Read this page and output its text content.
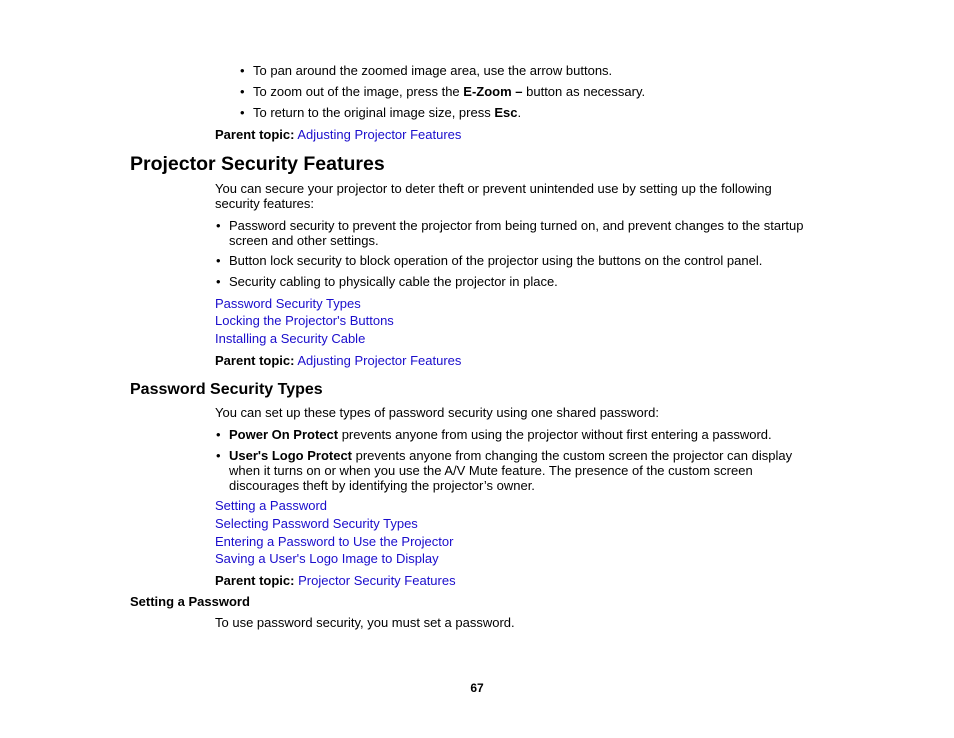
• To pan around the zoomed image area, use the arrow buttons.
• To zoom out of the image, press the E-Zoom – button as necessary.
• To return to the original image size, press Esc.
Parent topic: Adjusting Projector Features
Projector Security Features
You can secure your projector to deter theft or prevent unintended use by setting up the following security features:
• Password security to prevent the projector from being turned on, and prevent changes to the startup screen and other settings.
• Button lock security to block operation of the projector using the buttons on the control panel.
• Security cabling to physically cable the projector in place.
Password Security Types
Locking the Projector's Buttons
Installing a Security Cable
Parent topic: Adjusting Projector Features
Password Security Types
You can set up these types of password security using one shared password:
• Power On Protect prevents anyone from using the projector without first entering a password.
• User's Logo Protect prevents anyone from changing the custom screen the projector can display when it turns on or when you use the A/V Mute feature. The presence of the custom screen discourages theft by identifying the projector’s owner.
Setting a Password
Selecting Password Security Types
Entering a Password to Use the Projector
Saving a User's Logo Image to Display
Parent topic: Projector Security Features
Setting a Password
To use password security, you must set a password.
67
